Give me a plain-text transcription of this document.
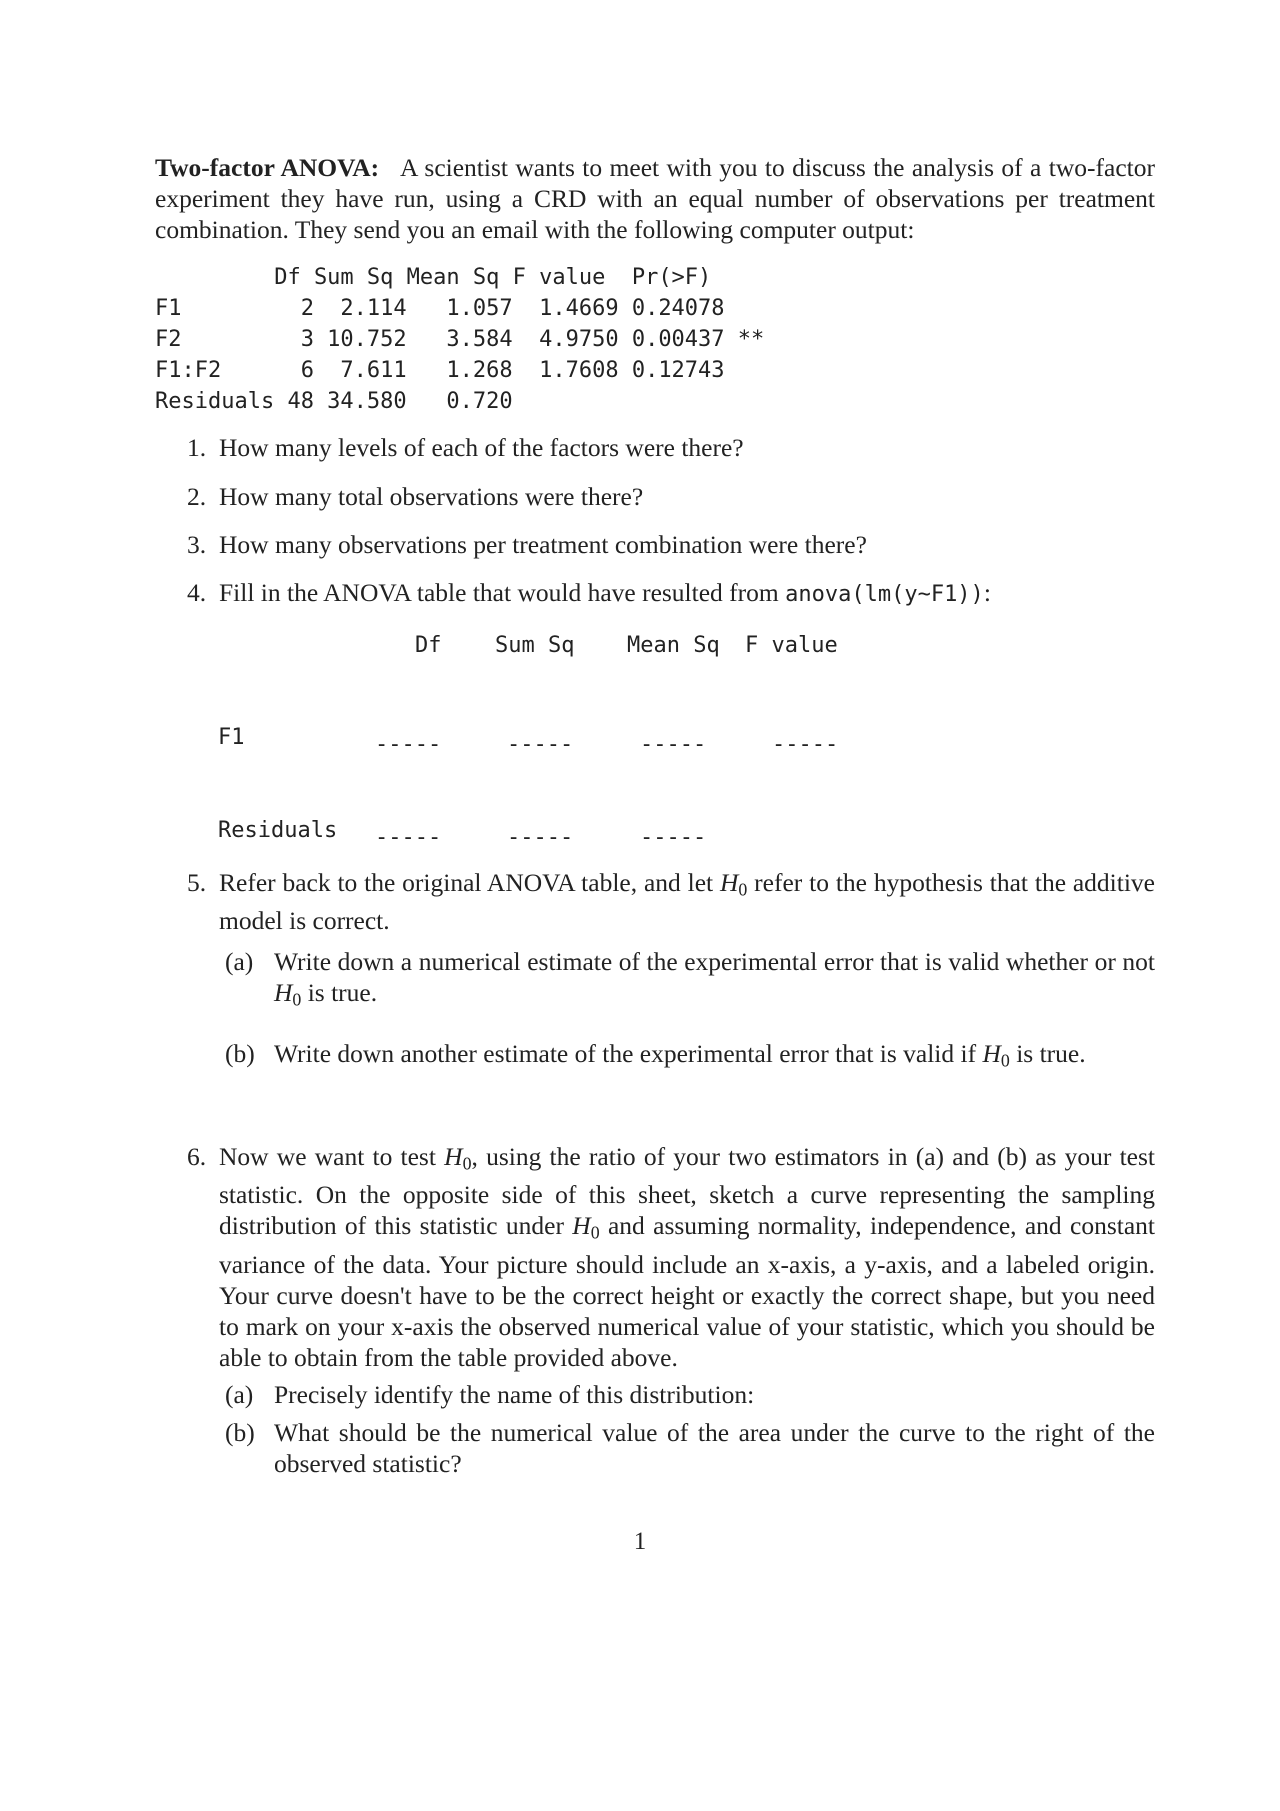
Two-factor ANOVA: A scientist wants to meet with you to discuss the analysis of a two-factor experiment they have run, using a CRD with an equal number of observations per treatment combination. They send you an email with the following computer output:
Df Sum Sq Mean Sq F value  Pr(>F)
F1         2  2.114   1.057  1.4669 0.24078
F2         3 10.752   3.584  4.9750 0.00437 **
F1:F2      6  7.611   1.268  1.7608 0.12743
Residuals 48 34.580   0.720
1. How many levels of each of the factors were there?
2. How many total observations were there?
3. How many observations per treatment combination were there?
4. Fill in the ANOVA table that would have resulted from anova(lm(y~F1)):
Df Sum Sq Mean Sq F value
F1	-----	-----	-----	-----
Residuals -----	-----	-----
5. Refer back to the original ANOVA table, and let $H_0$ refer to the hypothesis that the additive model is correct.
(a) Write down a numerical estimate of the experimental error that is valid whether or not $H_0$ is true.
(b) Write down another estimate of the experimental error that is valid if $H_0$ is true.
6. Now we want to test $H_0$, using the ratio of your two estimators in (a) and (b) as your test statistic. On the opposite side of this sheet, sketch a curve representing the sampling distribution of this statistic under $H_0$ and assuming normality, independence, and constant variance of the data. Your picture should include an x-axis, a y-axis, and a labeled origin. Your curve doesn't have to be the correct height or exactly the correct shape, but you need to mark on your x-axis the observed numerical value of your statistic, which you should be able to obtain from the table provided above.
(a) Precisely identify the name of this distribution:
(b) What should be the numerical value of the area under the curve to the right of the observed statistic?
1
